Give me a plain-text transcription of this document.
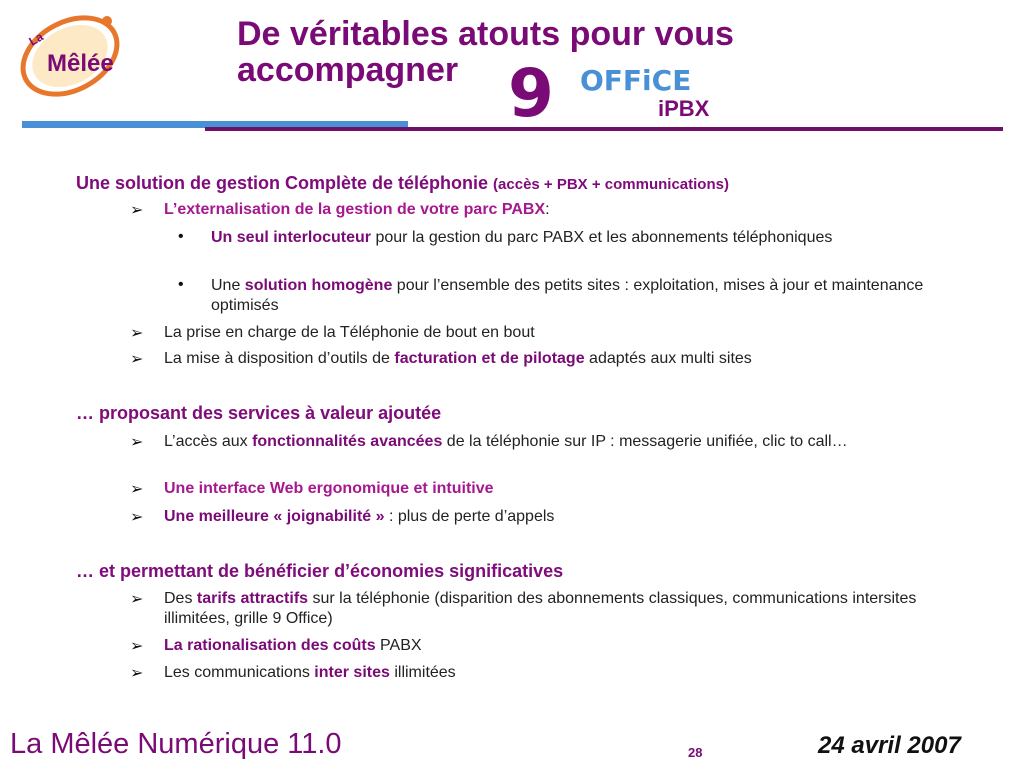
La
Mêlée
De véritables atouts pour vous
accompagner 9 OFFiCE
iPBX
Une solution de gestion Complète de téléphonie (accès + PBX + communications)
➢ L’externalisation de la gestion de votre parc PABX:
• Un seul interlocuteur pour la gestion du parc PABX et les abonnements téléphoniques
• Une solution homogène pour l’ensemble des petits sites : exploitation, mises à jour et maintenance optimisés
➢ La prise en charge de la Téléphonie de bout en bout
➢ La mise à disposition d’outils de facturation et de pilotage adaptés aux multi sites
… proposant des services à valeur ajoutée
➢ L’accès aux fonctionnalités avancées de la téléphonie sur IP : messagerie unifiée, clic to call…
➢ Une interface Web ergonomique et intuitive
➢ Une meilleure « joignabilité » : plus de perte d’appels
… et permettant de bénéficier d’économies significatives
➢ Des tarifs attractifs sur la téléphonie (disparition des abonnements classiques, communications intersites illimitées, grille 9 Office)
➢ La rationalisation des coûts PABX
➢ Les communications inter sites illimitées
La Mêlée Numérique 11.0	28	24 avril 2007
